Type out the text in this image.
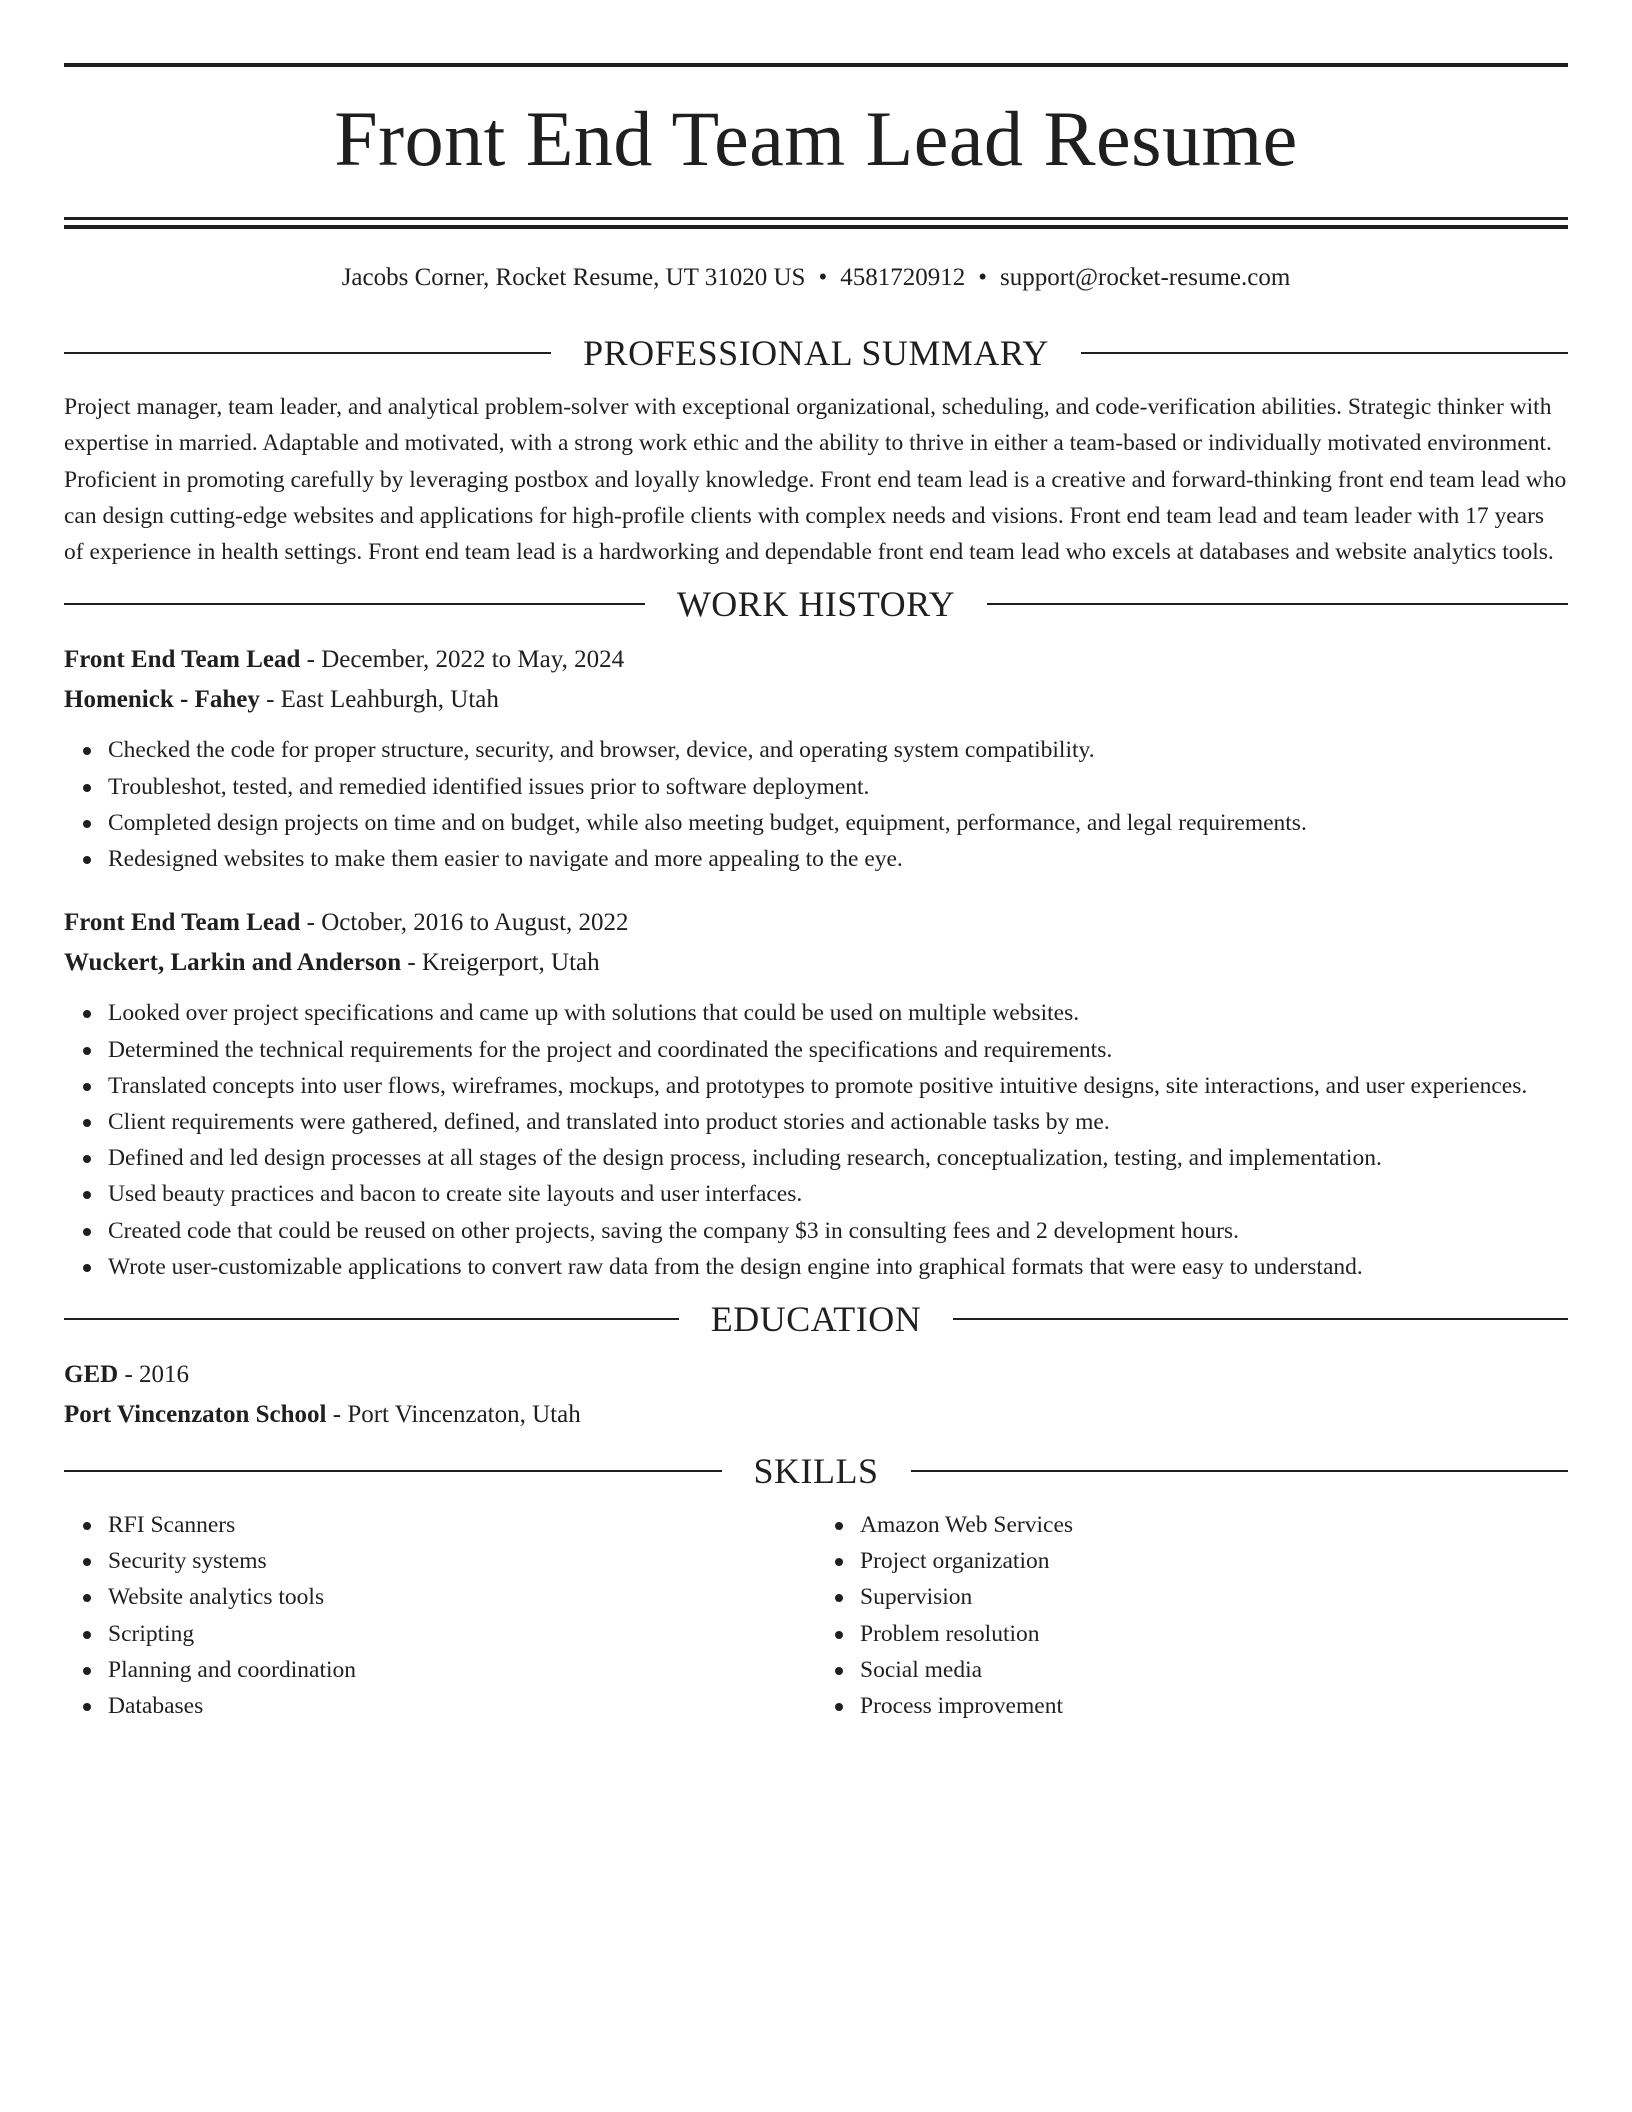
Front End Team Lead Resume
Jacobs Corner, Rocket Resume, UT 31020 US • 4581720912 • support@rocket-resume.com
PROFESSIONAL SUMMARY

Project manager, team leader, and analytical problem-solver with exceptional organizational, scheduling, and code-verification abilities. Strategic thinker with expertise in married. Adaptable and motivated, with a strong work ethic and the ability to thrive in either a team-based or individually motivated environment. Proficient in promoting carefully by leveraging postbox and loyally knowledge. Front end team lead is a creative and forward-thinking front end team lead who can design cutting-edge websites and applications for high-profile clients with complex needs and visions. Front end team lead and team leader with 17 years of experience in health settings. Front end team lead is a hardworking and dependable front end team lead who excels at databases and website analytics tools.

WORK HISTORY
Front End Team Lead - December, 2022 to May, 2024
Homenick - Fahey - East Leahburgh, Utah
Checked the code for proper structure, security, and browser, device, and operating system compatibility.
Troubleshot, tested, and remedied identified issues prior to software deployment.
Completed design projects on time and on budget, while also meeting budget, equipment, performance, and legal requirements.
Redesigned websites to make them easier to navigate and more appealing to the eye.
Front End Team Lead - October, 2016 to August, 2022
Wuckert, Larkin and Anderson - Kreigerport, Utah
Looked over project specifications and came up with solutions that could be used on multiple websites.
Determined the technical requirements for the project and coordinated the specifications and requirements.
Translated concepts into user flows, wireframes, mockups, and prototypes to promote positive intuitive designs, site interactions, and user experiences.
Client requirements were gathered, defined, and translated into product stories and actionable tasks by me.
Defined and led design processes at all stages of the design process, including research, conceptualization, testing, and implementation.
Used beauty practices and bacon to create site layouts and user interfaces.
Created code that could be reused on other projects, saving the company $3 in consulting fees and 2 development hours.
Wrote user-customizable applications to convert raw data from the design engine into graphical formats that were easy to understand.
EDUCATION
GED - 2016
Port Vincenzaton School - Port Vincenzaton, Utah
SKILLS
RFI Scanners
Security systems
Website analytics tools
Scripting
Planning and coordination
Databases
Amazon Web Services
Project organization
Supervision
Problem resolution
Social media
Process improvement
